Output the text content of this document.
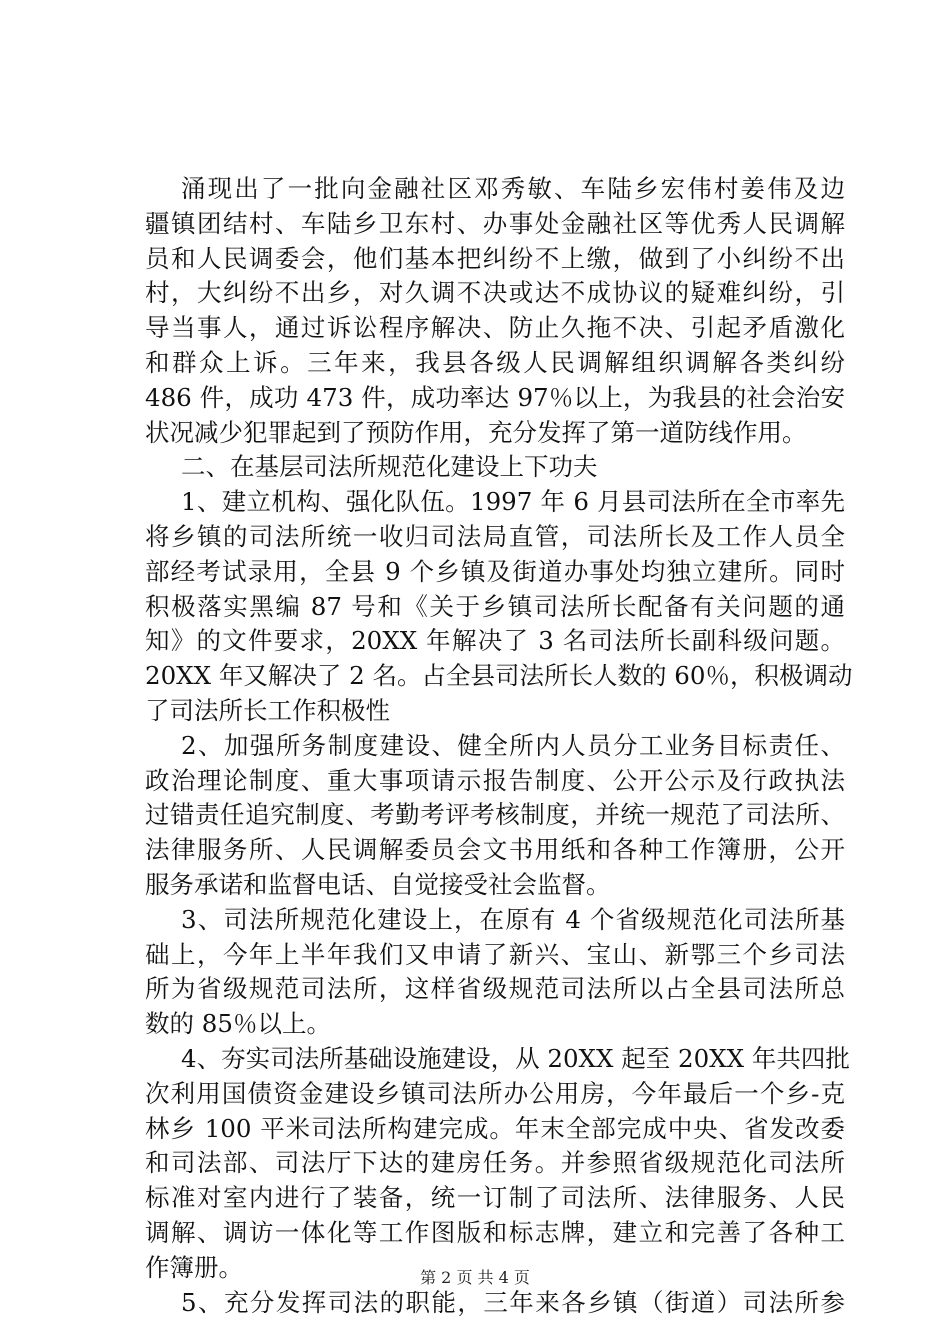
涌现出了一批向金融社区邓秀敏、车陆乡宏伟村姜伟及边
疆镇团结村、车陆乡卫东村、办事处金融社区等优秀人民调解
员和人民调委会，他们基本把纠纷不上缴，做到了小纠纷不出
村，大纠纷不出乡，对久调不决或达不成协议的疑难纠纷，引
导当事人，通过诉讼程序解决、防止久拖不决、引起矛盾激化
和群众上诉。三年来，我县各级人民调解组织调解各类纠纷
486 件，成功 473 件，成功率达 97％以上，为我县的社会治安
状况减少犯罪起到了预防作用，充分发挥了第一道防线作用。
二、在基层司法所规范化建设上下功夫
1、建立机构、强化队伍。1997 年 6 月县司法所在全市率先
将乡镇的司法所统一收归司法局直管，司法所长及工作人员全
部经考试录用，全县 9 个乡镇及街道办事处均独立建所。同时
积极落实黑编 87 号和《关于乡镇司法所长配备有关问题的通
知》的文件要求，20XX 年解决了 3 名司法所长副科级问题。
20XX 年又解决了 2 名。占全县司法所长人数的 60％，积极调动
了司法所长工作积极性
2、加强所务制度建设、健全所内人员分工业务目标责任、
政治理论制度、重大事项请示报告制度、公开公示及行政执法
过错责任追究制度、考勤考评考核制度，并统一规范了司法所、
法律服务所、人民调解委员会文书用纸和各种工作簿册，公开
服务承诺和监督电话、自觉接受社会监督。
3、司法所规范化建设上，在原有 4 个省级规范化司法所基
础上，今年上半年我们又申请了新兴、宝山、新鄂三个乡司法
所为省级规范司法所，这样省级规范司法所以占全县司法所总
数的 85％以上。
4、夯实司法所基础设施建设，从 20XX 起至 20XX 年共四批
次利用国债资金建设乡镇司法所办公用房，今年最后一个乡-克
林乡 100 平米司法所构建完成。年末全部完成中央、省发改委
和司法部、司法厅下达的建房任务。并参照省级规范化司法所
标准对室内进行了装备，统一订制了司法所、法律服务、人民
调解、调访一体化等工作图版和标志牌，建立和完善了各种工
作簿册。
5、充分发挥司法的职能，三年来各乡镇（街道）司法所参
第 2 页 共 4 页
